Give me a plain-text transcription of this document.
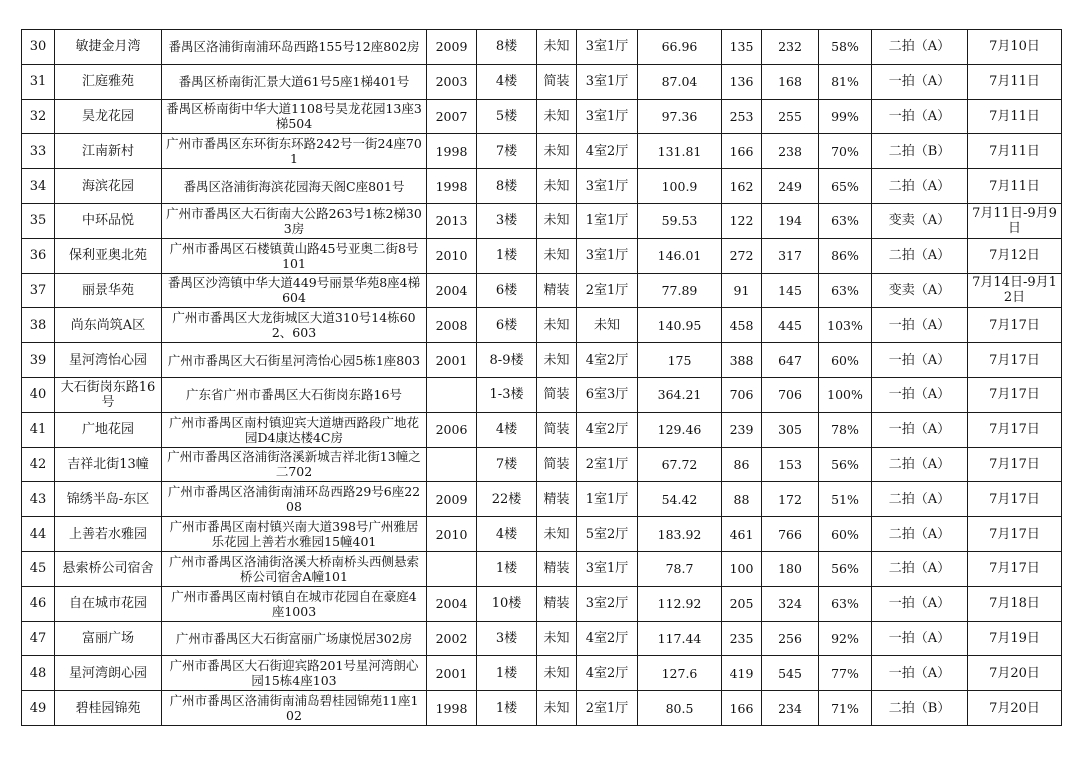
30	敏捷金月湾	番禺区洛浦街南浦环岛西路155号12座802房	2009	8楼	未知	3室1厅	66.96	135	232	58%	二拍（A）	7月10日
31	汇庭雅苑	番禺区桥南街汇景大道61号5座1梯401号	2003	4楼	简装	3室1厅	87.04	136	168	81%	一拍（A）	7月11日
32	昊龙花园	番禺区桥南街中华大道1108号昊龙花园13座3梯504	2007	5楼	未知	3室1厅	97.36	253	255	99%	一拍（A）	7月11日
33	江南新村	广州市番禺区东环街东环路242号一街24座701	1998	7楼	未知	4室2厅	131.81	166	238	70%	二拍（B）	7月11日
34	海滨花园	番禺区洛浦街海滨花园海天阁C座801号	1998	8楼	未知	3室1厅	100.9	162	249	65%	二拍（A）	7月11日
35	中环品悦	广州市番禺区大石街南大公路263号1栋2梯303房	2013	3楼	未知	1室1厅	59.53	122	194	63%	变卖（A）	7月11日-9月9日
36	保利亚奥北苑	广州市番禺区石楼镇黄山路45号亚奥二街8号101	2010	1楼	未知	3室1厅	146.01	272	317	86%	二拍（A）	7月12日
37	丽景华苑	番禺区沙湾镇中华大道449号丽景华苑8座4梯604	2004	6楼	精装	2室1厅	77.89	91	145	63%	变卖（A）	7月14日-9月12日
38	尚东尚筑A区	广州市番禺区大龙街城区大道310号14栋602、603	2008	6楼	未知	未知	140.95	458	445	103%	一拍（A）	7月17日
39	星河湾怡心园	广州市番禺区大石街星河湾怡心园5栋1座803	2001	8-9楼	未知	4室2厅	175	388	647	60%	一拍（A）	7月17日
40	大石街岗东路16号	广东省广州市番禺区大石街岗东路16号		1-3楼	简装	6室3厅	364.21	706	706	100%	一拍（A）	7月17日
41	广地花园	广州市番禺区南村镇迎宾大道塘西路段广地花园D4康达楼4C房	2006	4楼	简装	4室2厅	129.46	239	305	78%	一拍（A）	7月17日
42	吉祥北街13幢	广州市番禺区洛浦街洛溪新城吉祥北街13幢之二702		7楼	简装	2室1厅	67.72	86	153	56%	二拍（A）	7月17日
43	锦绣半岛-东区	广州市番禺区洛浦街南浦环岛西路29号6座2208	2009	22楼	精装	1室1厅	54.42	88	172	51%	二拍（A）	7月17日
44	上善若水雅园	广州市番禺区南村镇兴南大道398号广州雅居乐花园上善若水雅园15幢401	2010	4楼	未知	5室2厅	183.92	461	766	60%	二拍（A）	7月17日
45	悬索桥公司宿舍	广州市番禺区洛浦街洛溪大桥南桥头西侧悬索桥公司宿舍A幢101		1楼	精装	3室1厅	78.7	100	180	56%	二拍（A）	7月17日
46	自在城市花园	广州市番禺区南村镇自在城市花园自在豪庭4座1003	2004	10楼	精装	3室2厅	112.92	205	324	63%	一拍（A）	7月18日
47	富丽广场	广州市番禺区大石街富丽广场康悦居302房	2002	3楼	未知	4室2厅	117.44	235	256	92%	一拍（A）	7月19日
48	星河湾朗心园	广州市番禺区大石街迎宾路201号星河湾朗心园15栋4座103	2001	1楼	未知	4室2厅	127.6	419	545	77%	一拍（A）	7月20日
49	碧桂园锦苑	广州市番禺区洛浦街南浦岛碧桂园锦苑11座102	1998	1楼	未知	2室1厅	80.5	166	234	71%	二拍（B）	7月20日
